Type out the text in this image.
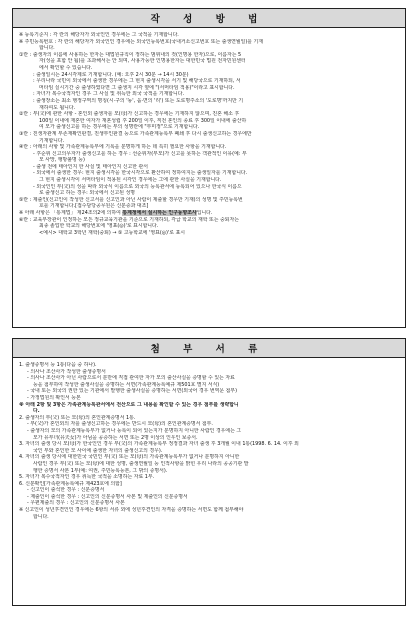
작 성 방 법
※ 등록기준지 : 각 란의 해당자가 외국인인 경우에는 그 국적을 기재합니다.
※ 주민등록번호 : 각 란의 해당자가 외국인인 경우에는 외국인등록번호(국내거소신고번호 또는 출생연월일)를 기재
합니다.
①란 : 출생자의 이름에 사용하는 한자는 대법원규칙이 정하는 범위내의 것(인명용 한자)으로, 이름자는 5
자(성을 포함 안 됨)를 초과해서는 안 되며, 사용가능한 인명용한자는 대한민국 법원 전자민원센터
에서 확인할 수 있습니다.
: 출생일시는 24시각제로 기재합니다. (예: 오후 2시 30분 → 14시 30분)
: 우리나라 국민이 외국에서 출생한 경우에는 그 현지 출생시각을 서기 및 해당국으로 기재하되, 서
머타임 실시기간 중 출생하였다면 그 출생지 시각 옆에 "(서머타임 적용)"이라고 표시합니다.
: 자녀가 복수국적자인 경우 그 사실 및 취득한 외국 국적을 기재합니다.
: 출생장소는 최소 행정구역의 명칭(시·구의 '동', 읍·면의 '리') 또는 도로명주소의 '도로명'까지만 기
재하여도 됩니다.
②란 : 부(父)에 관한 사항 - 혼인외 출생자를 모(母)가 신고하는 경우에는 기재하지 않으며, 친혼 해소 후
100일 이내에 재혼한 여자가 재혼성립 후 200일 이후, 직전 혼인의 종료 후 300일 이내에 출산하
여 모가 출생신고를 하는 경우에는 부의 성명란에 "부미정"으로 기재합니다.
③란 : 친생자관계 부존재확인판결, 친생부인판결 등으로 가족관계등록부 폐쇄 후 다시 출생신고하는 경우에만
기재합니다.
④란 : 아래의 사항 및 가족관계등록부에 기록을 분명하게 하는 데 특히 필요한 사항을 기재합니다.
- 후순위 신고의무자가 출생신고를 하는 경우 : 선순위자(부모)가 신고를 못하는 객관적인 이유(예: 부
모 사망, 행방불명 등)
- 출생 전에 태아인지 한 사실 및 태아인지 신고한 관서
- 외국에서 출생한 경우: 현지 출생시각을 한국시각으로 환산하여 정하여지는 출생일자를 기재합니다.
그 현지 출생시각이 서머타임이 적용된 시각인 경우에는 그에 관한 사실을 기재합니다.
- 외국인인 부(父)의 성을 따라 외국식 이름으로 외국의 등록관서에 등록되어 있으나 한국식 이름으
로 출생신고 하는 경우: 외국에서 신고된 성명
⑤란 : 제출인(신고인이 작성한 신고서를 신고인과 아닌 사람이 제출할 경우만 기재)의 성명 및 주민등록번
호를 기재합니다.[접수담당공무원은 신분증과 대조]
※ 아래 사항은 「통계법」 제24조의2에 의하여 통계청에서 실시하는 인구동향조사입니다.
⑥란 : 교육부장관이 인정하는 모든 정규교육기관을 기준으로 기재하되, 각급 학교의 재학 또는 중퇴자는
최종 졸업한 학교의 해당번호에 '영표(◎)'로 표시합니다.
<예시> 대학교 3학년 재학(중퇴) → ⑤ 고등학교에 '영표(◎)'로 표시
첨 부 서 류
1. 출생증명서 등 1통(다음 중 하나).
- 의사나 조산사가 작성한 출생증명서
- 의사나 조산사가 아닌 사람으로서 분만에 직접 관여한 자가 모의 출산사실을 증명할 수 있는 자료
등을 첨부하여 작성한 출생사실을 증명하는 서면(가족관계등록예규 제501호 별지 서식)
- 국내 또는 외국의 권한 있는 기관에서 발행한 출생사실을 증명하는 서면(외국어 경우 번역문 첨부)
- 가정법원의 확인서 등본
※ 아래 2항 및 3항은 가족관계등록관서에서 전산으로 그 내용을 확인할 수 있는 경우 첨부를 생략합니
다.
2. 출생자의 부(父) 또는 모(母)의 혼인관계증명서 1통.
- 부(父)가 혼인외의 자를 출생신고하는 경우에는 반드시 모(母)의 혼인관계증명서 첨부.
- 출생자의 모의 가족관계등록부가 없거나 등록이 되어 있는지가 분명하지 아니한 사람인 경우에는 그
모가 유부녀(유夫女)가 아님을 공증하는 서면 또는 2명 이상의 인우인 보증서.
3. 자녀의 출생 당시 모(母)가 한국인인 경우 부(父)의 가족관계등록부 정정결과 자녀 출생 후 3개월 이내 1통(1998. 6. 14. 이후 외
국인 부와 혼인한 모 사이에 출생한 자녀의 출생신고의 경우).
4. 자녀의 출생 당시에 대한민국 국민인 부(父) 또는 모(母)의 가족관계등록부가 없거나 분명하지 아니한
사람인 경우 부(父) 또는 모(母)에 대한 성명, 출생연월일 등 인적사항을 밝힌 우리 나라의 공공기관 발
행한 증명서 사본 1부(예: 여권, 주민등록등본, 그 밖의 증명서).
5. 자녀가 복수국적자인 경우 취득한 국적을 소명하는 자료 1부.
6. 신분확인[가족관계등록예규 제423호에 의함]
- 신고인이 출석한 경우 : 신분증명서
- 제출인이 출석한 경우 : 신고인의 신분증명서 사본 및 제출인의 신분증명서
- 우편제출의 경우 : 신고인의 신분증명서 사본
※ 신고인이 성년후견인인 경우에는 6항의 서류 외에 성년후견인의 자격을 증명하는 서면도 함께 첨부해야
합니다.
